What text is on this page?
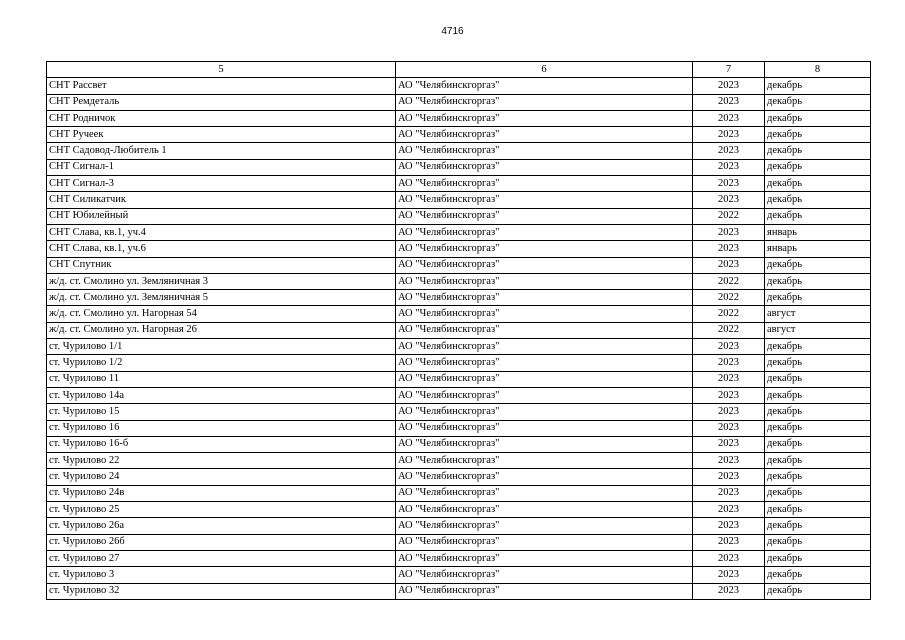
4716
5	6	7	8
СНТ Рассвет	АО "Челябинскгоргаз"	2023	декабрь
СНТ Ремдеталь	АО "Челябинскгоргаз"	2023	декабрь
СНТ Родничок	АО "Челябинскгоргаз"	2023	декабрь
СНТ Ручеек	АО "Челябинскгоргаз"	2023	декабрь
СНТ Садовод-Любитель 1	АО "Челябинскгоргаз"	2023	декабрь
СНТ Сигнал-1	АО "Челябинскгоргаз"	2023	декабрь
СНТ Сигнал-3	АО "Челябинскгоргаз"	2023	декабрь
СНТ Силикатчик	АО "Челябинскгоргаз"	2023	декабрь
СНТ Юбилейный	АО "Челябинскгоргаз"	2022	декабрь
СНТ Слава, кв.1, уч.4	АО "Челябинскгоргаз"	2023	январь
СНТ Слава, кв.1, уч.6	АО "Челябинскгоргаз"	2023	январь
СНТ Спутник	АО "Челябинскгоргаз"	2023	декабрь
ж/д. ст. Смолино ул. Земляничная 3	АО "Челябинскгоргаз"	2022	декабрь
ж/д. ст. Смолино ул. Земляничная 5	АО "Челябинскгоргаз"	2022	декабрь
ж/д. ст. Смолино ул. Нагорная 54	АО "Челябинскгоргаз"	2022	август
ж/д. ст. Смолино ул. Нагорная 26	АО "Челябинскгоргаз"	2022	август
ст. Чурилово 1/1	АО "Челябинскгоргаз"	2023	декабрь
ст. Чурилово 1/2	АО "Челябинскгоргаз"	2023	декабрь
ст. Чурилово 11	АО "Челябинскгоргаз"	2023	декабрь
ст. Чурилово 14а	АО "Челябинскгоргаз"	2023	декабрь
ст. Чурилово 15	АО "Челябинскгоргаз"	2023	декабрь
ст. Чурилово 16	АО "Челябинскгоргаз"	2023	декабрь
ст. Чурилово 16-б	АО "Челябинскгоргаз"	2023	декабрь
ст. Чурилово 22	АО "Челябинскгоргаз"	2023	декабрь
ст. Чурилово 24	АО "Челябинскгоргаз"	2023	декабрь
ст. Чурилово 24в	АО "Челябинскгоргаз"	2023	декабрь
ст. Чурилово 25	АО "Челябинскгоргаз"	2023	декабрь
ст. Чурилово 26а	АО "Челябинскгоргаз"	2023	декабрь
ст. Чурилово 26б	АО "Челябинскгоргаз"	2023	декабрь
ст. Чурилово 27	АО "Челябинскгоргаз"	2023	декабрь
ст. Чурилово 3	АО "Челябинскгоргаз"	2023	декабрь
ст. Чурилово 32	АО "Челябинскгоргаз"	2023	декабрь
